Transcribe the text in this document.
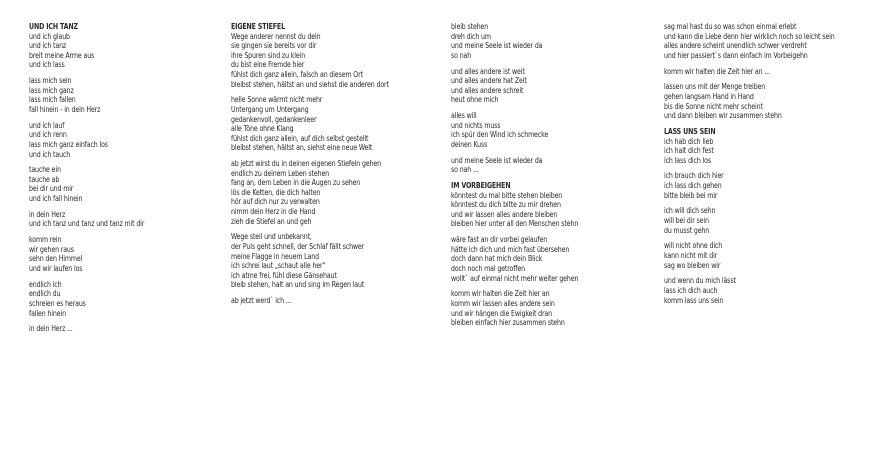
UND ICH TANZ
und ich glaub
und ich tanz
breit meine Arme aus
und ich lass
lass mich sein
lass mich ganz
lass mich fallen
fall hinein - in dein Herz
und ich lauf
und ich renn
lass mich ganz einfach los
und ich tauch
tauche ein
tauche ab
bei dir und mir
und ich fall hinein
in dein Herz
und ich tanz und tanz und tanz mit dir
komm rein
wir gehen raus
sehn den Himmel
und wir laufen los
endlich ich
endlich du
schreien es heraus
fallen hinein
in dein Herz ...
EIGENE STIEFEL
Wege anderer nennst du dein
sie gingen sie bereits vor dir
ihre Spuren sind zu klein
du bist eine Fremde hier
fühlst dich ganz allein, falsch an diesem Ort
bleibst stehen, hältst an und siehst die anderen dort
helle Sonne wärmt nicht mehr
Untergang um Untergang
gedankenvoll, gedankenleer
alle Töne ohne Klang
fühlst dich ganz allein, auf dich selbst gestellt
bleibst stehen, hältst an, siehst eine neue Welt
ab jetzt wirst du in deinen eigenen Stiefeln gehen
endlich zu deinem Leben stehen
fang an, dem Leben in die Augen zu sehen
lös die Ketten, die dich halten
hör auf dich nur zu verwalten
nimm dein Herz in die Hand
zieh die Stiefel an und geh
Wege steil und unbekannt,
der Puls geht schnell, der Schlaf fällt schwer
meine Flagge in neuem Land
ich schrei laut „schaut alle her“
ich atme frei, fühl diese Gänsehaut
bleib stehen, halt an und sing im Regen laut
ab jetzt werd` ich ...
bleib stehen
dreh dich um
und meine Seele ist wieder da
so nah
und alles andere ist weit
und alles andere hat Zeit
und alles andere schreit
heut ohne mich
alles will
und nichts muss
ich spür den Wind ich schmecke
deinen Kuss
und meine Seele ist wieder da
so nah ...
IM VORBEIGEHEN
könntest du mal bitte stehen bleiben
könntest du dich bitte zu mir drehen
und wir lassen alles andere bleiben
bleiben hier unter all den Menschen stehn
wäre fast an dir vorbei gelaufen
hätte ich dich und mich fast übersehen
doch dann hat mich dein Blick
doch noch mal getroffen
wollt` auf einmal nicht mehr weiter gehen
komm wir halten die Zeit hier an
komm wir lassen alles andere sein
und wir hängen die Ewigkeit dran
bleiben einfach hier zusammen stehn
sag mal hast du so was schon einmal erlebt
und kann die Liebe denn hier wirklich noch so leicht sein
alles andere scheint unendlich schwer verdreht
und hier passiert`s dann einfach im Vorbeigehn
komm wir halten die Zeit hier an ...
lassen uns mit der Menge treiben
gehen langsam Hand in Hand
bis die Sonne nicht mehr scheint
und dann bleiben wir zusammen stehn
LASS UNS SEIN
ich hab dich lieb
ich halt dich fest
ich lass dich los
ich brauch dich hier
ich lass dich gehen
bitte bleib bei mir
ich will dich sehn
will bei dir sein
du musst gehn
will nicht ohne dich
kann nicht mit dir
sag wo bleiben wir
und wenn du mich lässt
lass ich dich auch
komm lass uns sein
